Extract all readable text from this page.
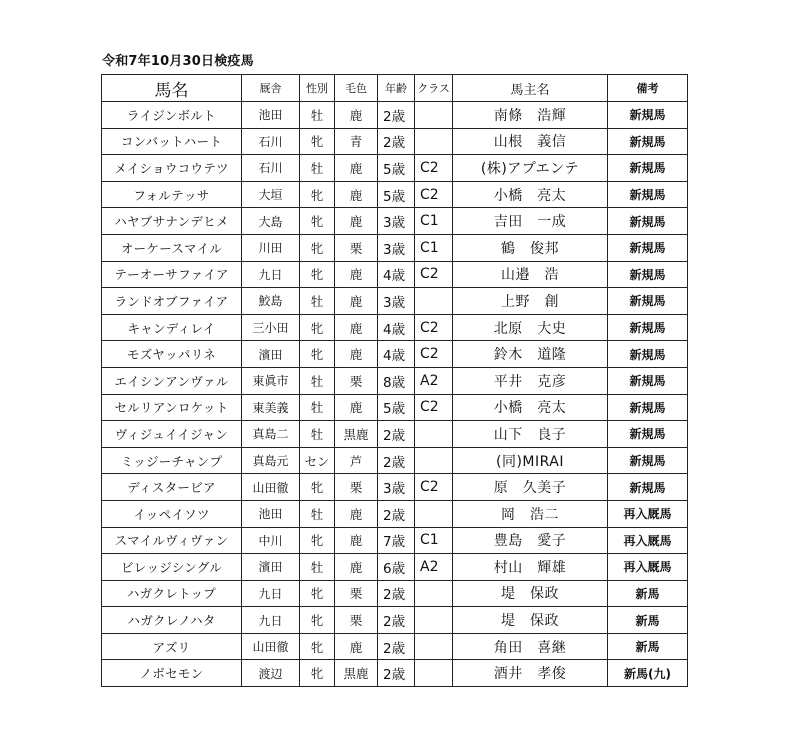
令和7年10月30日検疫馬
馬名	厩舎	性別	毛色	年齢	クラス	馬主名	備考
ライジンボルト	池田	牡	鹿	2歳		南條　浩輝	新規馬
コンバットハート	石川	牝	青	2歳		山根　義信	新規馬
メイショウコウテツ	石川	牡	鹿	5歳	C2	(株)アプエンテ	新規馬
フォルテッサ	大垣	牝	鹿	5歳	C2	小橋　亮太	新規馬
ハヤブサナンデヒメ	大島	牝	鹿	3歳	C1	吉田　一成	新規馬
オーケースマイル	川田	牝	栗	3歳	C1	鶴　俊邦	新規馬
テーオーサファイア	九日	牝	鹿	4歳	C2	山邉　浩	新規馬
ランドオブファイア	鮫島	牡	鹿	3歳		上野　創	新規馬
キャンディレイ	三小田	牝	鹿	4歳	C2	北原　大史	新規馬
モズヤッパリネ	濱田	牝	鹿	4歳	C2	鈴木　道隆	新規馬
エイシンアンヴァル	東眞市	牡	栗	8歳	A2	平井　克彦	新規馬
セルリアンロケット	東美義	牡	鹿	5歳	C2	小橋　亮太	新規馬
ヴィジュイイジャン	真島二	牡	黒鹿	2歳		山下　良子	新規馬
ミッジーチャンプ	真島元	セン	芦	2歳		(同)MIRAI	新規馬
ディスタービア	山田徹	牝	栗	3歳	C2	原　久美子	新規馬
イッペイソツ	池田	牡	鹿	2歳		岡　浩二	再入厩馬
スマイルヴィヴァン	中川	牝	鹿	7歳	C1	豊島　愛子	再入厩馬
ビレッジシングル	濱田	牡	鹿	6歳	A2	村山　輝雄	再入厩馬
ハガクレトップ	九日	牝	栗	2歳		堤　保政	新馬
ハガクレノハタ	九日	牝	栗	2歳		堤　保政	新馬
アズリ	山田徹	牝	鹿	2歳		角田　喜継	新馬
ノボセモン	渡辺	牝	黒鹿	2歳		酒井　孝俊	新馬(九)
